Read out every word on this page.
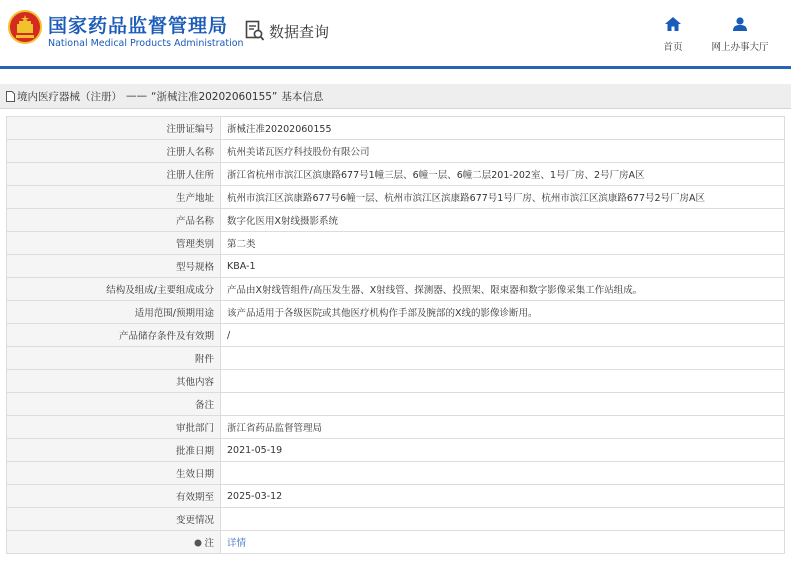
国家药品监督管理局
National Medical Products Administration
数据查询
首页	网上办事大厅
境内医疗器械（注册） —— “浙械注准20202060155” 基本信息
注册证编号	浙械注准20202060155
注册人名称	杭州美诺瓦医疗科技股份有限公司
注册人住所	浙江省杭州市滨江区滨康路677号1幢三层、6幢一层、6幢二层201-202室、1号厂房、2号厂房A区
生产地址	杭州市滨江区滨康路677号6幢一层、杭州市滨江区滨康路677号1号厂房、杭州市滨江区滨康路677号2号厂房A区
产品名称	数字化医用X射线摄影系统
管理类别	第二类
型号规格	KBA-1
结构及组成/主要组成成分	产品由X射线管组件/高压发生器、X射线管、探测器、投照架、限束器和数字影像采集工作站组成。
适用范围/预期用途	该产品适用于各级医院或其他医疗机构作手部及腕部的X线的影像诊断用。
产品储存条件及有效期	/
附件	
其他内容	
备注	
审批部门	浙江省药品监督管理局
批准日期	2021-05-19
生效日期	
有效期至	2025-03-12
变更情况	
注	详情
